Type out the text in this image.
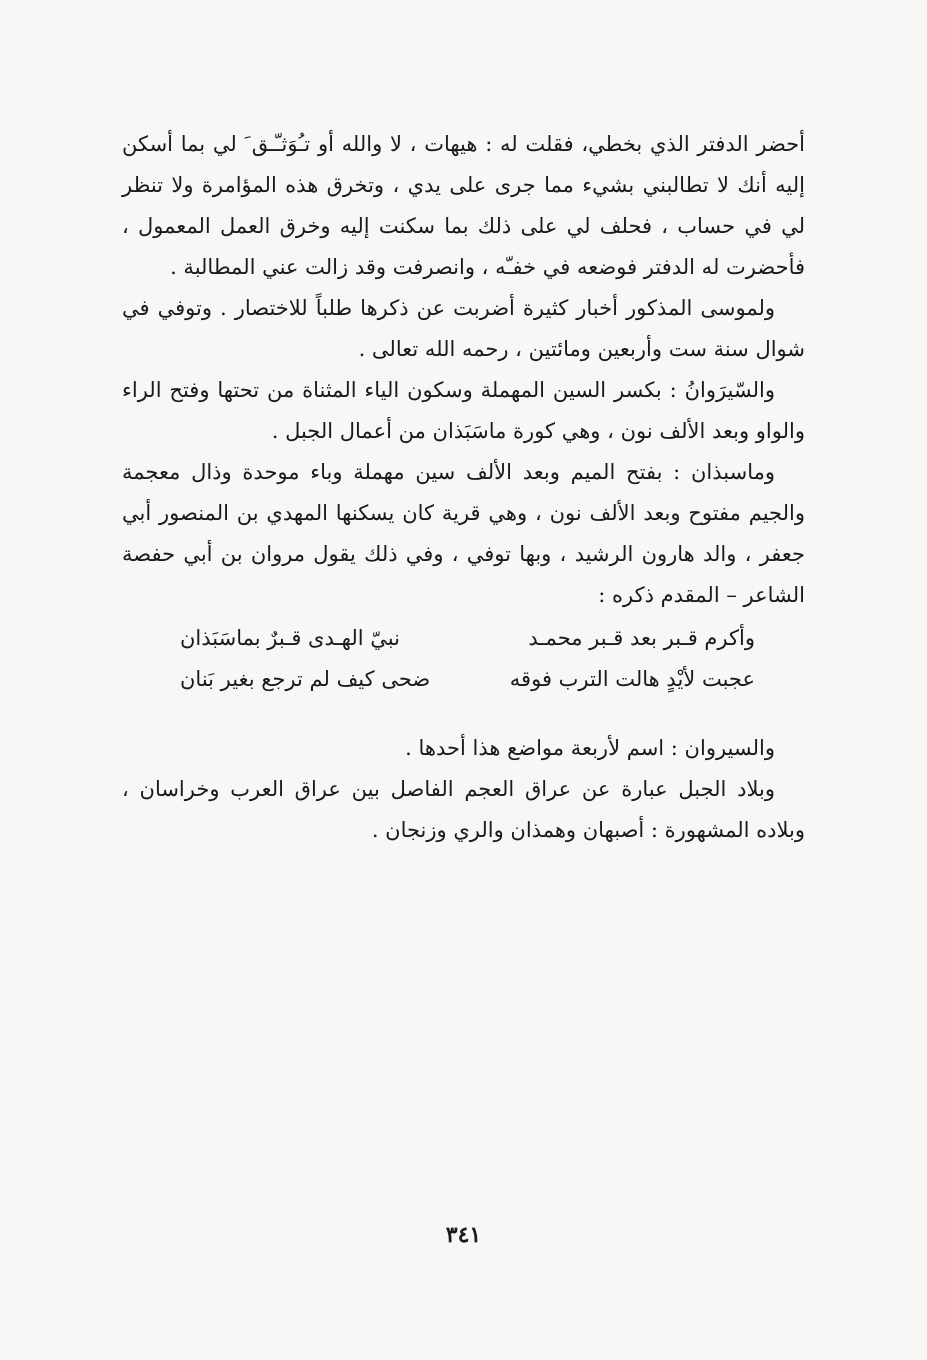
أحضر الدفتر الذي بخطي، فقلت له : هيهات ، لا والله أو تـُوَثـّـق َ لي بما أسكن إليه أنك لا تطالبني بشيء مما جرى على يدي ، وتخرق هذه المؤامرة ولا تنظر لي في حساب ، فحلف لي على ذلك بما سكنت إليه وخرق العمل المعمول ، فأحضرت له الدفتر فوضعه في خفـّه ، وانصرفت وقد زالت عني المطالبة .

ولموسى المذكور أخبار كثيرة أضربت عن ذكرها طلباً للاختصار . وتوفي في شوال سنة ست وأربعين ومائتين ، رحمه الله تعالى .

والسّيرَوانُ : بكسر السين المهملة وسكون الياء المثناة من تحتها وفتح الراء والواو وبعد الألف نون ، وهي كورة ماسَبَذان من أعمال الجبل .

وماسبذان : بفتح الميم وبعد الألف سين مهملة وباء موحدة وذال معجمة والجيم مفتوح وبعد الألف نون ، وهي قرية كان يسكنها المهدي بن المنصور أبي جعفر ، والد هارون الرشيد ، وبها توفي ، وفي ذلك يقول مروان بن أبي حفصة الشاعر – المقدم ذكره :

وأكرم قـبر بعد قـبر محمـد
نبيّ الهـدى قـبرٌ بماسَبَذان
عجبت لأيْدٍ هالت الترب فوقه
ضحى كيف لم ترجع بغير بَنان

والسيروان : اسم لأربعة مواضع هذا أحدها .

وبلاد الجبل عبارة عن عراق العجم الفاصل بين عراق العرب وخراسان ، وبلاده المشهورة : أصبهان وهمذان والري وزنجان .

٣٤١
